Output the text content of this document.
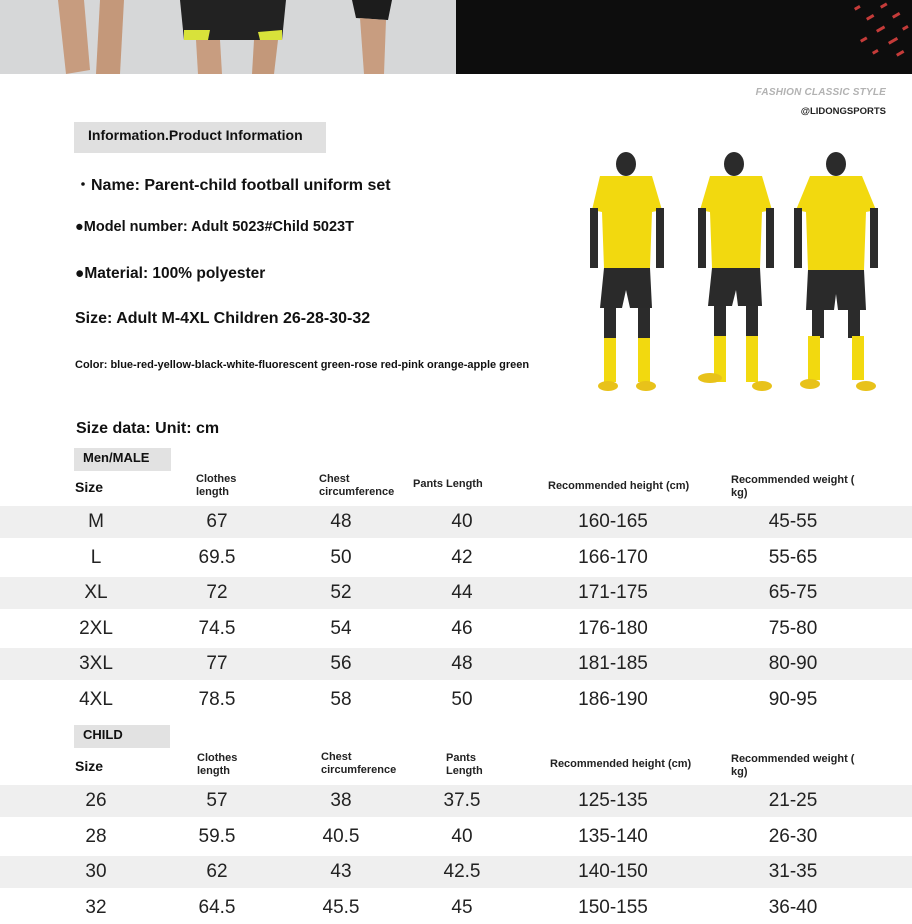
FASHION CLASSIC STYLE
@LIDONGSPORTS
Information.Product Information
・Name: Parent-child football uniform set
●Model number: Adult 5023#Child 5023T
●Material: 100% polyester
Size: Adult M-4XL Children 26-28-30-32
Color: blue-red-yellow-black-white-fluorescent green-rose red-pink orange-apple green
Size data: Unit: cm
Men/MALE
Size	Clothes
length
Chest
circumference
Pants Length	Recommended height (cm)	Recommended weight (
kg)
M	67	48	40	160-165	45-55
L	69.5	50	42	166-170	55-65
XL	72	52	44	171-175	65-75
2XL	74.5	54	46	176-180	75-80
3XL	77	56	48	181-185	80-90
4XL	78.5	58	50	186-190	90-95
CHILD
Size	Clothes
length
Chest
circumference
Pants
Length
Recommended height (cm)	Recommended weight (
kg)
26	57	38	37.5	125-135	21-25
28	59.5	40.5	40	135-140	26-30
30	62	43	42.5	140-150	31-35
32	64.5	45.5	45	150-155	36-40
